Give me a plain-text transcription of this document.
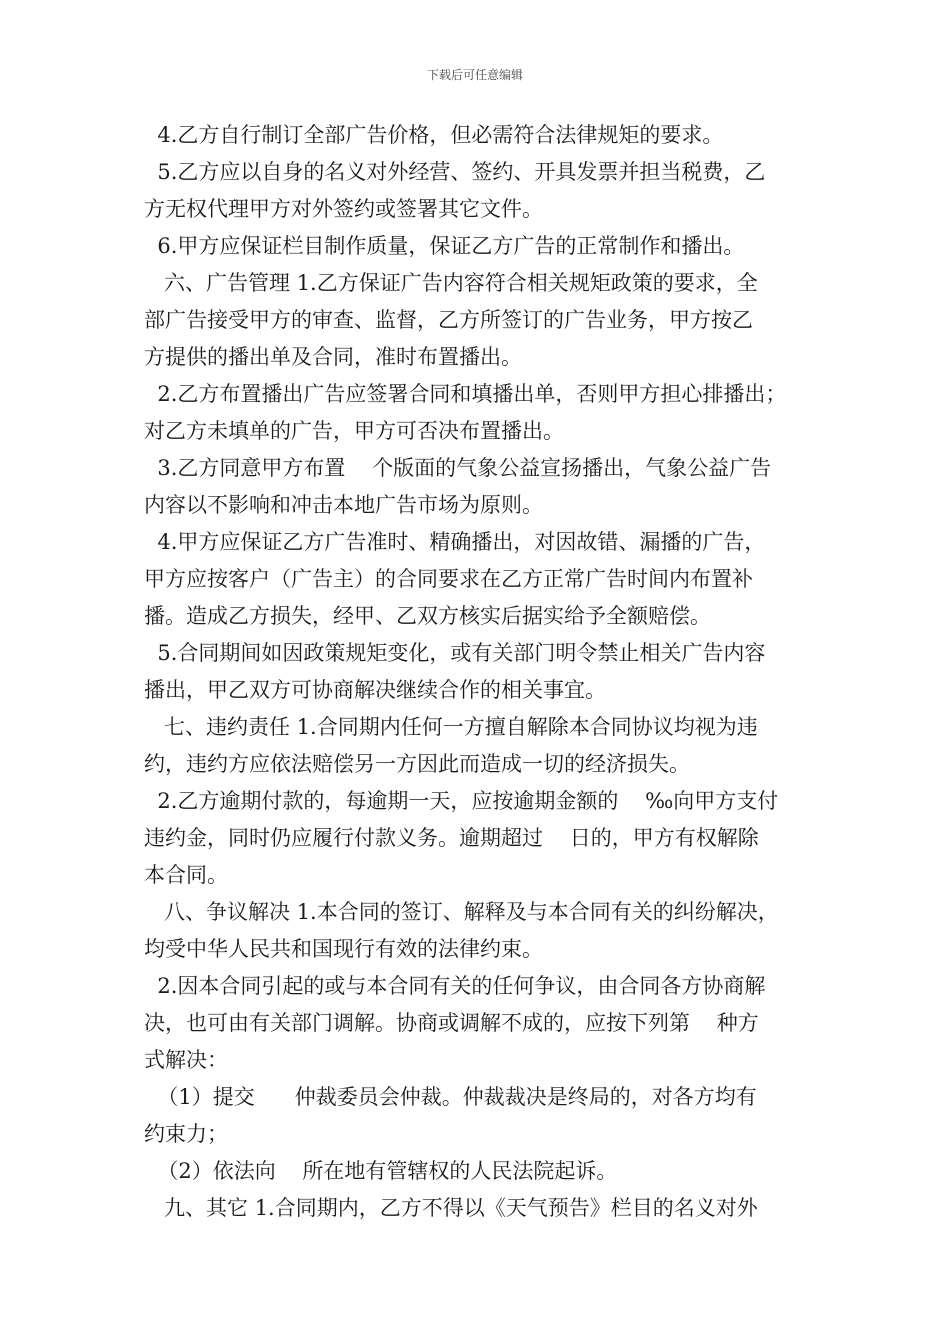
下载后可任意编辑
4.乙方自行制订全部广告价格，但必需符合法律规矩的要求。
5.乙方应以自身的名义对外经营、签约、开具发票并担当税费，乙
方无权代理甲方对外签约或签署其它文件。
6.甲方应保证栏目制作质量，保证乙方广告的正常制作和播出。
六、广告管理 1.乙方保证广告内容符合相关规矩政策的要求，全
部广告接受甲方的审查、监督，乙方所签订的广告业务，甲方按乙
方提供的播出单及合同，准时布置播出。
2.乙方布置播出广告应签署合同和填播出单，否则甲方担心排播出；
对乙方未填单的广告，甲方可否决布置播出。
3.乙方同意甲方布置    个版面的气象公益宣扬播出，气象公益广告
内容以不影响和冲击本地广告市场为原则。
4.甲方应保证乙方广告准时、精确播出，对因故错、漏播的广告，
甲方应按客户（广告主）的合同要求在乙方正常广告时间内布置补
播。造成乙方损失，经甲、乙双方核实后据实给予全额赔偿。
5.合同期间如因政策规矩变化，或有关部门明令禁止相关广告内容
播出，甲乙双方可协商解决继续合作的相关事宜。
七、违约责任 1.合同期内任何一方擅自解除本合同协议均视为违
约，违约方应依法赔偿另一方因此而造成一切的经济损失。
2.乙方逾期付款的，每逾期一天，应按逾期金额的    ‰向甲方支付
违约金，同时仍应履行付款义务。逾期超过    日的，甲方有权解除
本合同。
八、争议解决 1.本合同的签订、解释及与本合同有关的纠纷解决，
均受中华人民共和国现行有效的法律约束。
2.因本合同引起的或与本合同有关的任何争议，由合同各方协商解
决，也可由有关部门调解。协商或调解不成的，应按下列第    种方
式解决：
（1）提交      仲裁委员会仲裁。仲裁裁决是终局的，对各方均有
约束力；
（2）依法向    所在地有管辖权的人民法院起诉。
九、其它 1.合同期内，乙方不得以《天气预告》栏目的名义对外
